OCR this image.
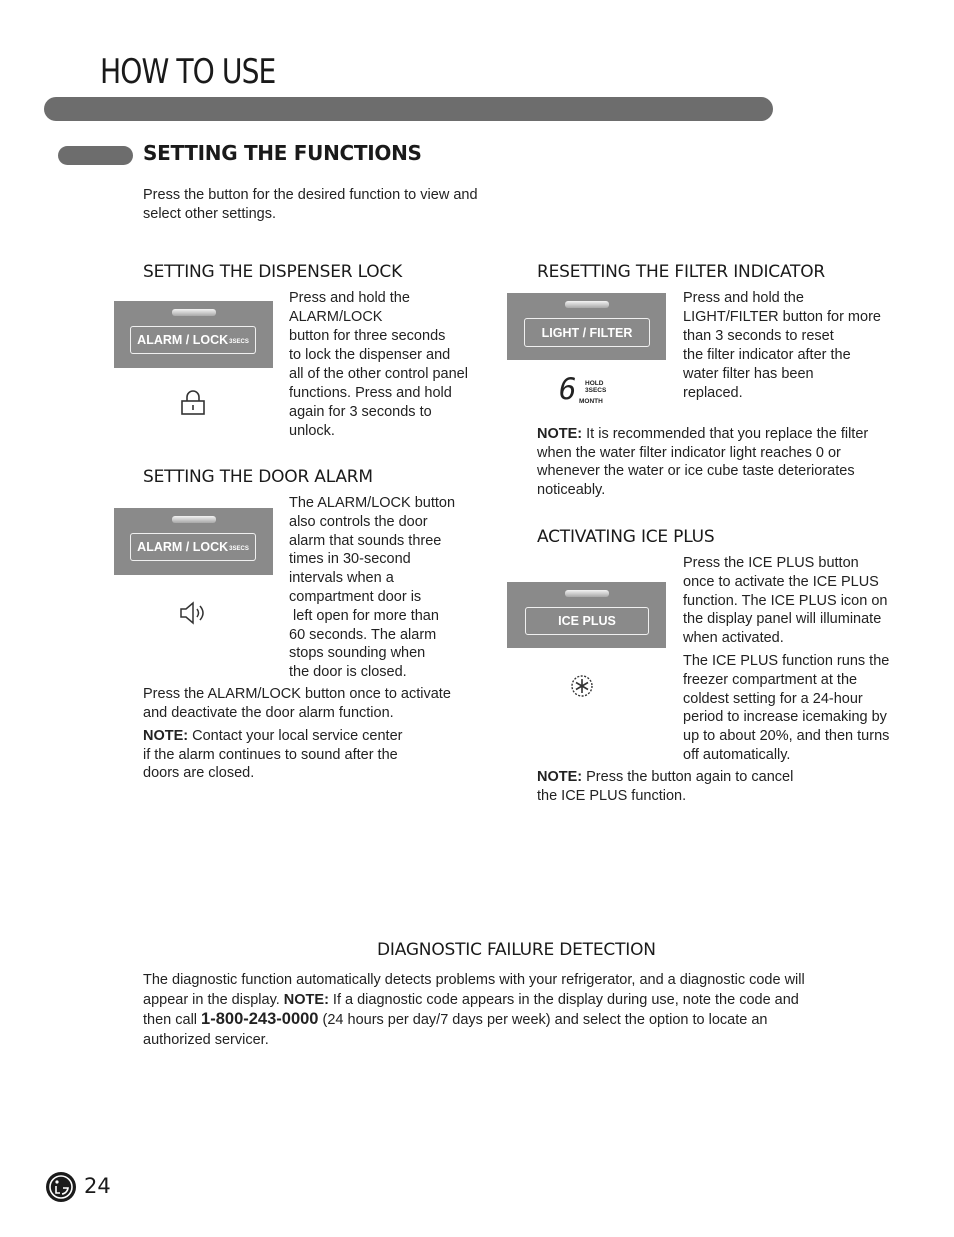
HOW TO USE
SETTING THE FUNCTIONS
Press the button for the desired function to view and
select other settings.
SETTING THE DISPENSER LOCK
ALARM / LOCK 3SECS
Press and hold the
ALARM/LOCK
button for three seconds
to lock the dispenser and
all of the other control panel
functions. Press and hold
again for 3 seconds to
unlock.
SETTING THE DOOR ALARM
ALARM / LOCK 3SECS
The ALARM/LOCK button
also controls the door
alarm that sounds three
times in 30-second
intervals when a
compartment door is
left open for more than
60 seconds. The alarm
stops sounding when
the door is closed.
Press the ALARM/LOCK button once to activate
and deactivate the door alarm function.
NOTE: Contact your local service center
if the alarm continues to sound after the
doors are closed.
RESETTING THE FILTER INDICATOR
LIGHT / FILTER
6 HOLD
3SECS
MONTH
Press and hold the
LIGHT/FILTER button for more
than 3 seconds to reset
the filter indicator after the
water filter has been
replaced.
NOTE: It is recommended that you replace the filter
when the water filter indicator light reaches 0 or
whenever the water or ice cube taste deteriorates
noticeably.
ACTIVATING ICE PLUS
ICE PLUS
Press the ICE PLUS button
once to activate the ICE PLUS
function. The ICE PLUS icon on
the display panel will illuminate
when activated.
The ICE PLUS function runs the
freezer compartment at the
coldest setting for a 24-hour
period to increase icemaking by
up to about 20%, and then turns
off automatically.
NOTE: Press the button again to cancel
the ICE PLUS function.
DIAGNOSTIC FAILURE DETECTION
The diagnostic function automatically detects problems with your refrigerator, and a diagnostic code will
appear in the display. NOTE: If a diagnostic code appears in the display during use, note the code and
then call 1-800-243-0000 (24 hours per day/7 days per week) and select the option to locate an
authorized servicer.
24
